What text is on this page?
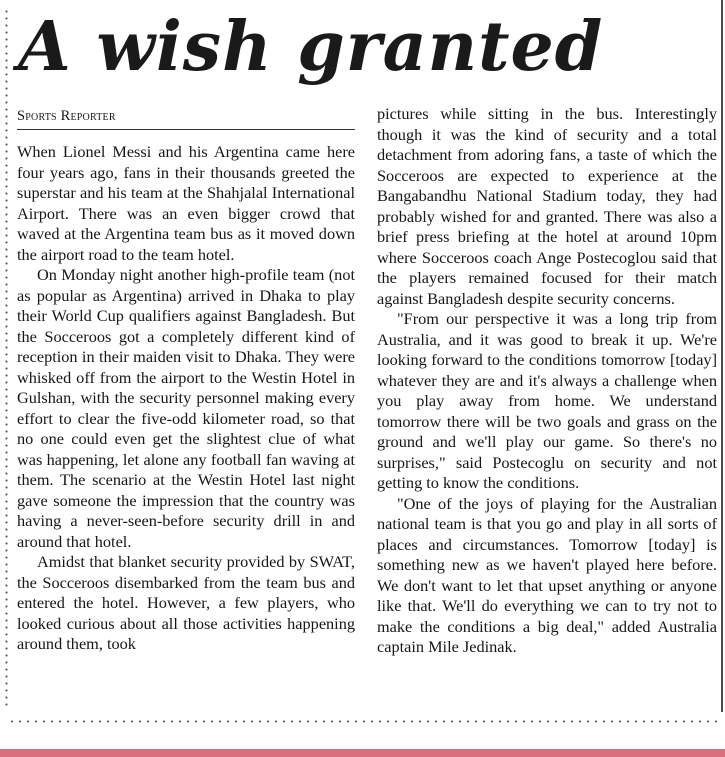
A wish granted
Sports Reporter

When Lionel Messi and his Argentina came here four years ago, fans in their thousands greeted the superstar and his team at the Shahjalal International Airport. There was an even bigger crowd that waved at the Argentina team bus as it moved down the airport road to the team hotel.

On Monday night another high-profile team (not as popular as Argentina) arrived in Dhaka to play their World Cup qualifiers against Bangladesh. But the Socceroos got a completely different kind of reception in their maiden visit to Dhaka. They were whisked off from the airport to the Westin Hotel in Gulshan, with the security personnel making every effort to clear the five-odd kilometer road, so that no one could even get the slightest clue of what was happening, let alone any football fan waving at them. The scenario at the Westin Hotel last night gave someone the impression that the country was having a never-seen-before security drill in and around that hotel.

Amidst that blanket security provided by SWAT, the Socceroos disembarked from the team bus and entered the hotel. However, a few players, who looked curious about all those activities happening around them, took

pictures while sitting in the bus. Interestingly though it was the kind of security and a total detachment from adoring fans, a taste of which the Socceroos are expected to experience at the Bangabandhu National Stadium today, they had probably wished for and granted. There was also a brief press briefing at the hotel at around 10pm where Socceroos coach Ange Postecoglou said that the players remained focused for their match against Bangladesh despite security concerns.

"From our perspective it was a long trip from Australia, and it was good to break it up. We're looking forward to the conditions tomorrow [today] whatever they are and it's always a challenge when you play away from home. We understand tomorrow there will be two goals and grass on the ground and we'll play our game. So there's no surprises," said Postecoglu on security and not getting to know the conditions.

"One of the joys of playing for the Australian national team is that you go and play in all sorts of places and circumstances. Tomorrow [today] is something new as we haven't played here before. We don't want to let that upset anything or anyone like that. We'll do everything we can to try not to make the conditions a big deal," added Australia captain Mile Jedinak.
